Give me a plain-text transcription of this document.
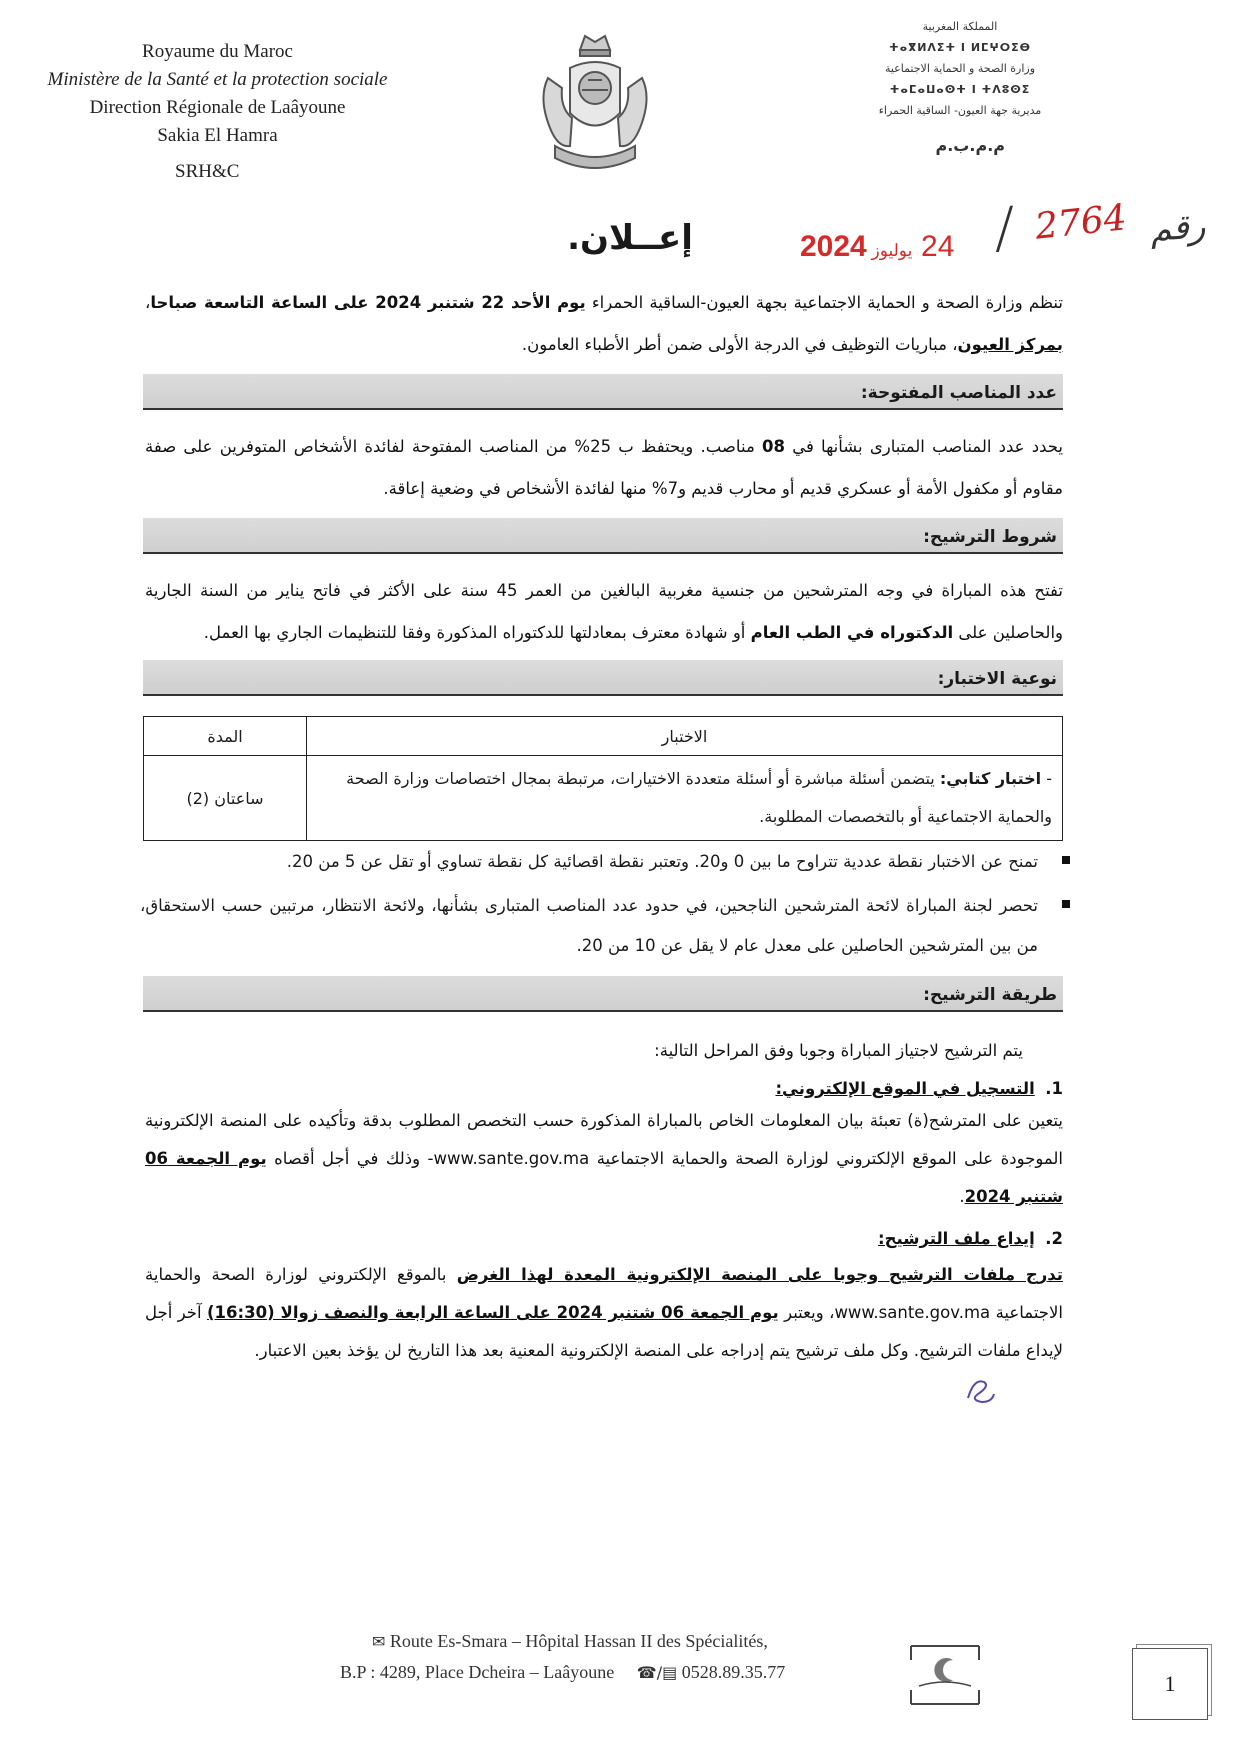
Royaume du Maroc
Ministère de la Santé et la protection sociale
Direction Régionale de Laâyoune
Sakia El Hamra
SRH&C
المملكة المغربية
ⵜⴰⴳⵍⴷⵉⵜ ⵏ ⵍⵎⵖⵔⵉⴱ
وزارة الصحة و الحماية الاجتماعية
ⵜⴰⵎⴰⵡⴰⵙⵜ ⵏ ⵜⴷⵓⵙⵉ
مديرية جهة العيون- الساقية الحمراء
م.م.ب.م
إعــلان.	24 يوليوز 2024	/ 2764 رقم
تنظم وزارة الصحة و الحماية الاجتماعية بجهة العيون-الساقية الحمراء يوم الأحد 22 شتنبر 2024 على الساعة التاسعة صباحا، بمركز العيون، مباريات التوظيف في الدرجة الأولى ضمن أطر الأطباء العامون.
عدد المناصب المفتوحة:
يحدد عدد المناصب المتبارى بشأنها في 08 مناصب. ويحتفظ ب 25% من المناصب المفتوحة لفائدة الأشخاص المتوفرين على صفة مقاوم أو مكفول الأمة أو عسكري قديم أو محارب قديم و7% منها لفائدة الأشخاص في وضعية إعاقة.
شروط الترشيح:
تفتح هذه المباراة في وجه المترشحين من جنسية مغربية البالغين من العمر 45 سنة على الأكثر في فاتح يناير من السنة الجارية والحاصلين على الدكتوراه في الطب العام أو شهادة معترف بمعادلتها للدكتوراه المذكورة وفقا للتنظيمات الجاري بها العمل.
نوعية الاختبار:
الاختبار	المدة
- اختبار كتابي: يتضمن أسئلة مباشرة أو أسئلة متعددة الاختيارات، مرتبطة بمجال اختصاصات وزارة الصحة والحماية الاجتماعية أو بالتخصصات المطلوبة.	ساعتان (2)
تمنح عن الاختبار نقطة عددية تتراوح ما بين 0 و20. وتعتبر نقطة اقصائية كل نقطة تساوي أو تقل عن 5 من 20.
تحصر لجنة المباراة لائحة المترشحين الناجحين، في حدود عدد المناصب المتبارى بشأنها، ولائحة الانتظار، مرتبين حسب الاستحقاق، من بين المترشحين الحاصلين على معدل عام لا يقل عن 10 من 20.
طريقة الترشيح:
يتم الترشيح لاجتياز المباراة وجوبا وفق المراحل التالية:
1.  التسجيل في الموقع الإلكتروني:
يتعين على المترشح(ة) تعبئة بيان المعلومات الخاص بالمباراة المذكورة حسب التخصص المطلوب بدقة وتأكيده على المنصة الإلكترونية الموجودة على الموقع الإلكتروني لوزارة الصحة والحماية الاجتماعية www.sante.gov.ma- وذلك في أجل أقصاه يوم الجمعة 06 شتنبر 2024.
2.  إيداع ملف الترشيح:
تدرج ملفات الترشيح وجوبا على المنصة الإلكترونية المعدة لهذا الغرض بالموقع الإلكتروني لوزارة الصحة والحماية الاجتماعية www.sante.gov.ma، ويعتبر يوم الجمعة 06 شتنبر 2024 على الساعة الرابعة والنصف زوالا (16:30) آخر أجل لإيداع ملفات الترشيح. وكل ملف ترشيح يتم إدراجه على المنصة الإلكترونية المعنية بعد هذا التاريخ لن يؤخذ بعين الاعتبار.
✉ Route Es-Smara – Hôpital Hassan II des Spécialités,
B.P : 4289, Place Dcheira – Laâyoune ☎/▤ 0528.89.35.77	1
